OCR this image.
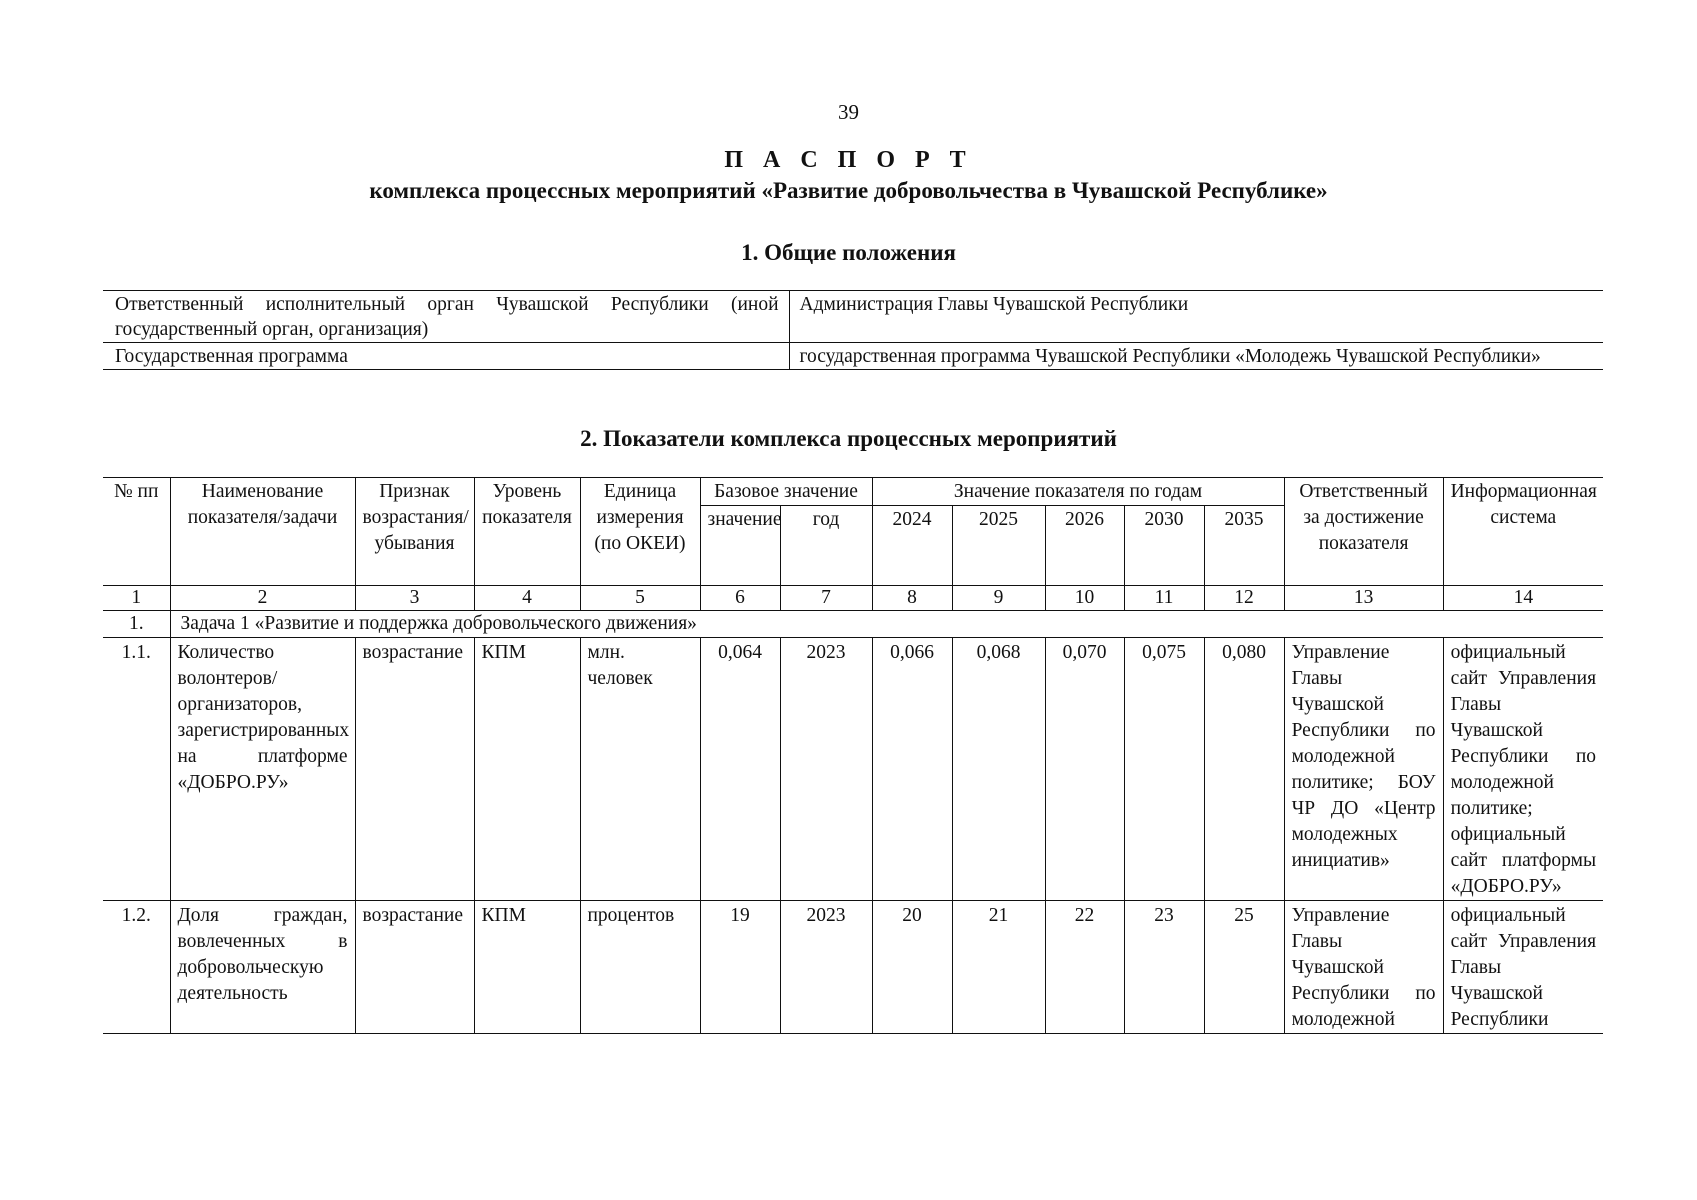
39
П А С П О Р Т
комплекса процессных мероприятий «Развитие добровольчества в Чувашской Республике»
1. Общие положения
Ответственный исполнительный орган Чувашской Республики (иной государственный орган, организация)	Администрация Главы Чувашской Республики
Государственная программа	государственная программа Чувашской Республики «Молодежь Чувашской Республики»
2. Показатели комплекса процессных мероприятий
№ пп	Наименование показателя/задачи	Признак возрастания/убывания	Уровень показателя	Единица измерения (по ОКЕИ)	Базовое значение		Значение показателя по годам					Ответственный за достижение показателя	Информационная система
					значение	год	2024	2025	2026	2030	2035		
1	2	3	4	5	6	7	8	9	10	11	12	13	14
1.	Задача 1 «Развитие и поддержка добровольческого движения»												
1.1.	Количество волонтеров/организаторов, зарегистрированных на платформе «ДОБРО.РУ»	возрастание	КПМ	млн. человек	0,064	2023	0,066	0,068	0,070	0,075	0,080	Управление Главы Чувашской Республики по молодежной политике; БОУ ЧР ДО «Центр молодежных инициатив»	официальный сайт Управления Главы Чувашской Республики по молодежной политике; официальный сайт платформы «ДОБРО.РУ»
1.2.	Доля граждан, вовлеченных в добровольческую деятельность	возрастание	КПМ	процентов	19	2023	20	21	22	23	25	Управление Главы Чувашской Республики по молодежной	официальный сайт Управления Главы Чувашской Республики
